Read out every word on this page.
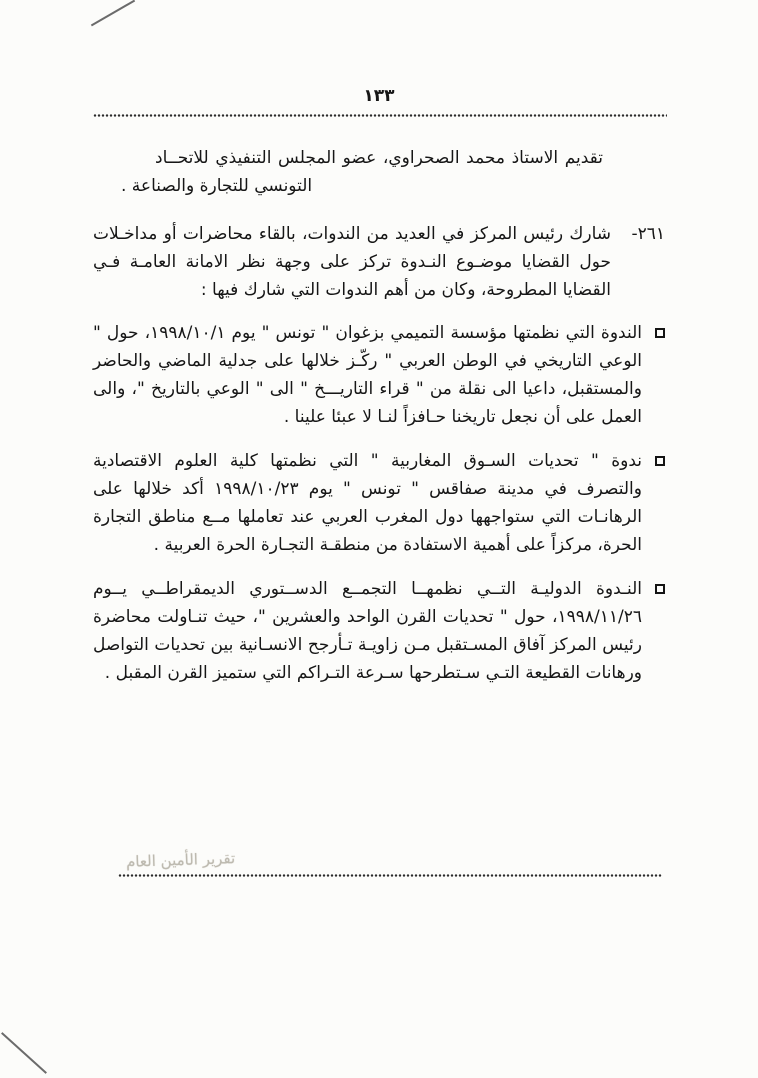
١٣٣
تقديم الاستاذ محمد الصحراوي، عضو المجلس التنفيذي للاتحــاد
التونسي للتجارة والصناعة .
٢٦١-
شارك رئيس المركز في العديد من الندوات، بالقاء محاضرات أو مداخـلات حول القضايا موضـوع النـدوة تركز على وجهة نظر الامانة العامـة فـي القضايا المطروحة، وكان من أهم الندوات التي شارك فيها :
الندوة التي نظمتها مؤسسة التميمي بزغوان " تونس " يوم ١٩٩٨/١٠/١، حول " الوعي التاريخي في الوطن العربي " ركّـز خلالها على جدلية الماضي والحاضر والمستقبل، داعيا الى نقلة من " قراء التاريـــخ " الى " الوعي بالتاريخ "، والى العمل على أن نجعل تاريخنا حـافزاً لنـا لا عبئا علينا .
ندوة " تحديات السـوق المغاربية " التي نظمتها كلية العلوم الاقتصادية والتصرف في مدينة صفاقس " تونس " يوم ١٩٩٨/١٠/٢٣ أكد خلالها على الرهانـات التي ستواجهها دول المغرب العربي عند تعاملها مــع مناطق التجارة الحرة، مركزاً على أهمية الاستفادة من منطقـة التجـارة الحرة العربية .
النـدوة الدوليـة التــي نظمهــا التجمــع الدســتوري الديمقراطــي يــوم ١٩٩٨/١١/٢٦، حول " تحديات القرن الواحد والعشرين "، حيث تنـاولت محاضرة رئيس المركز آفاق المسـتقبل مـن زاويـة تـأرجح الانسـانية بين تحديات التواصل ورهانات القطيعة التـي سـتطرحها سـرعة التـراكم التي ستميز القرن المقبل .
تقرير الأمين العام
